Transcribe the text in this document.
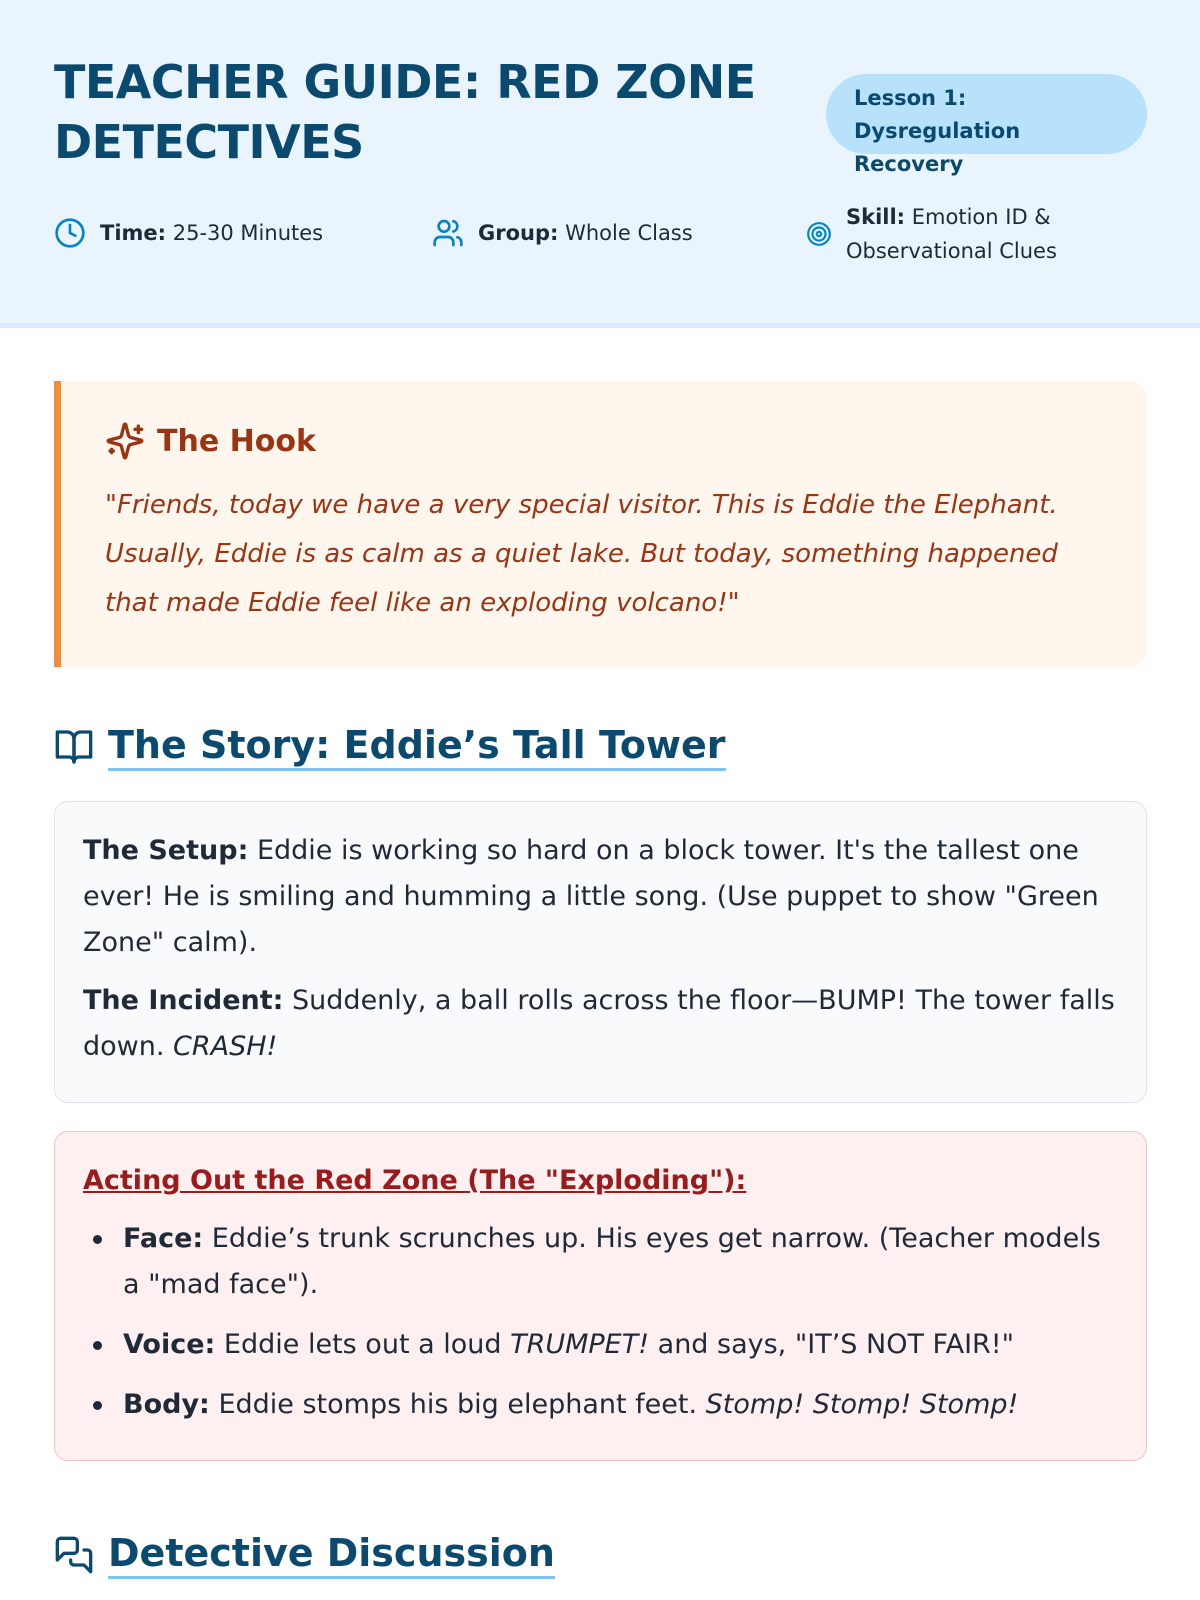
TEACHER GUIDE: RED ZONE DETECTIVES
Lesson 1: Dysregulation Recovery
Time: 25-30 Minutes	Group: Whole Class
Skill: Emotion ID & Observational Clues
The Hook

"Friends, today we have a very special visitor. This is Eddie the Elephant. Usually, Eddie is as calm as a quiet lake. But today, something happened that made Eddie feel like an exploding volcano!"

The Story: Eddie’s Tall Tower

The Setup: Eddie is working so hard on a block tower. It's the tallest one ever! He is smiling and humming a little song. (Use puppet to show "Green Zone" calm).

The Incident: Suddenly, a ball rolls across the floor—BUMP! The tower falls down. CRASH!

Acting Out the Red Zone (The "Exploding"):
Face: Eddie’s trunk scrunches up. His eyes get narrow. (Teacher models a "mad face").
Voice: Eddie lets out a loud TRUMPET! and says, "IT’S NOT FAIR!"
Body: Eddie stomps his big elephant feet. Stomp! Stomp! Stomp!
Detective Discussion
